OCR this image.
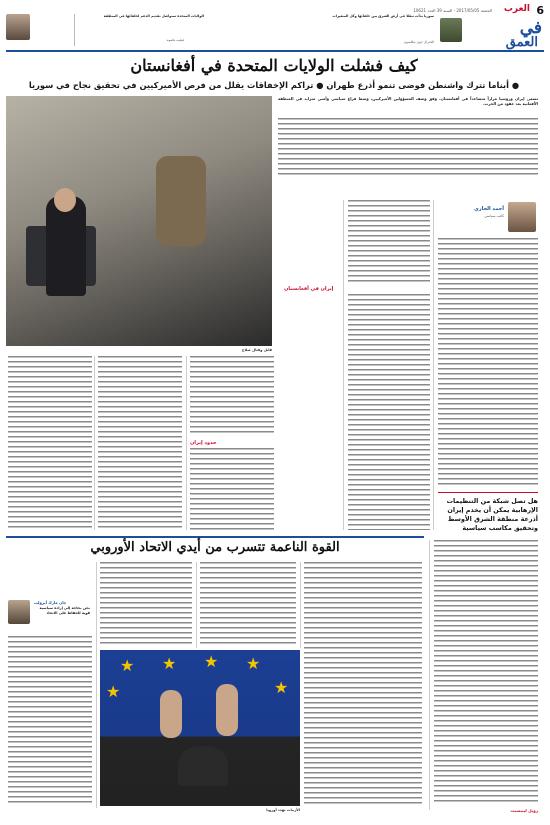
6
العرب
الجمعة 2017/05/05 - السنة 39 العدد 10621
في
العمق
سوريا بدأت تنقلا في أرض الشرق بين حلفائها وكل المتغيرات
الجنرال جون نيكلسون
الولايات المتحدة ستواصل تقديم الدعم لحلفائها في المنطقة
فيليب هاموند
كيف فشلت الولايات المتحدة في أفغانستان
● أبناما تترك واشنطن فوضى تنمو أذرع طهران ● تراكم الإخفاقات يقلل من فرص الأميركيين في تحقيق نجاح في سوريا
تسعى إيران وروسيا مراراً متصاعداً في أفغانستان، وفق وصف المسؤولين الأميركيين، وسط فراغ سياسي وأمني متزايد في المنطقة الأفغانية بعد عقود من الحرب.
قاتل وقتال صلاح
أحمد الجاري
كاتب سياسي
هل تصل شبكة من التنظيمات الإرهابية يمكن أن يخدم إيران أذرعة منطقة الشرق الأوسط وتحقيق مكاسب سياسية
إيران في أفغانستان
حدود إيران
زويل ليبيسيت
القوة الناعمة تتسرب من أيدي الاتحاد الأوروبي
جان مارك أيرولت
نحن بحاجة إلى إرادة سياسية قوية للحفاظ على الاتحاد
★ ★ ★ ★
★
★
الأزمات تهدد أوروبا
